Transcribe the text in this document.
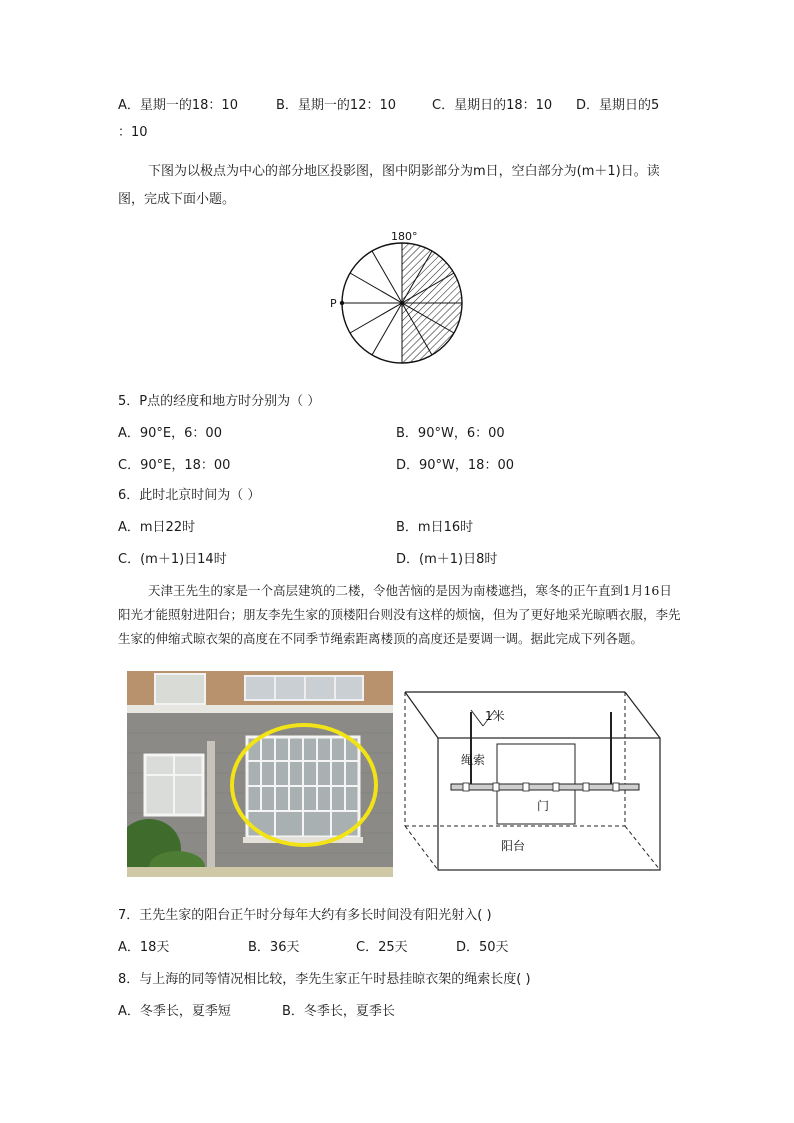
A．星期一的18：10	B．星期一的12：10	C．星期日的18：10 D．星期日的5
：10
下图为以极点为中心的部分地区投影图，图中阴影部分为m日，空白部分为(m＋1)日。读图，完成下面小题。
180°
P
5．P点的经度和地方时分别为（ ）
A．90°E，6：00	B．90°W，6：00
C．90°E，18：00	D．90°W，18：00
6．此时北京时间为（ ）
A．m日22时	B．m日16时
C．(m＋1)日14时	D．(m＋1)日8时
天津王先生的家是一个高层建筑的二楼，令他苦恼的是因为南楼遮挡，寒冬的正午直到1月16日阳光才能照射进阳台；朋友李先生家的顶楼阳台则没有这样的烦恼，但为了更好地采光晾晒衣服，李先生家的伸缩式晾衣架的高度在不同季节绳索距离楼顶的高度还是要调一调。据此完成下列各题。
1米
绳索
门
阳台
7．王先生家的阳台正午时分每年大约有多长时间没有阳光射入( )
A．18天	B．36天	C．25天	D．50天
8．与上海的同等情况相比较，李先生家正午时悬挂晾衣架的绳索长度( )
A．冬季长，夏季短	B．冬季长，夏季长
